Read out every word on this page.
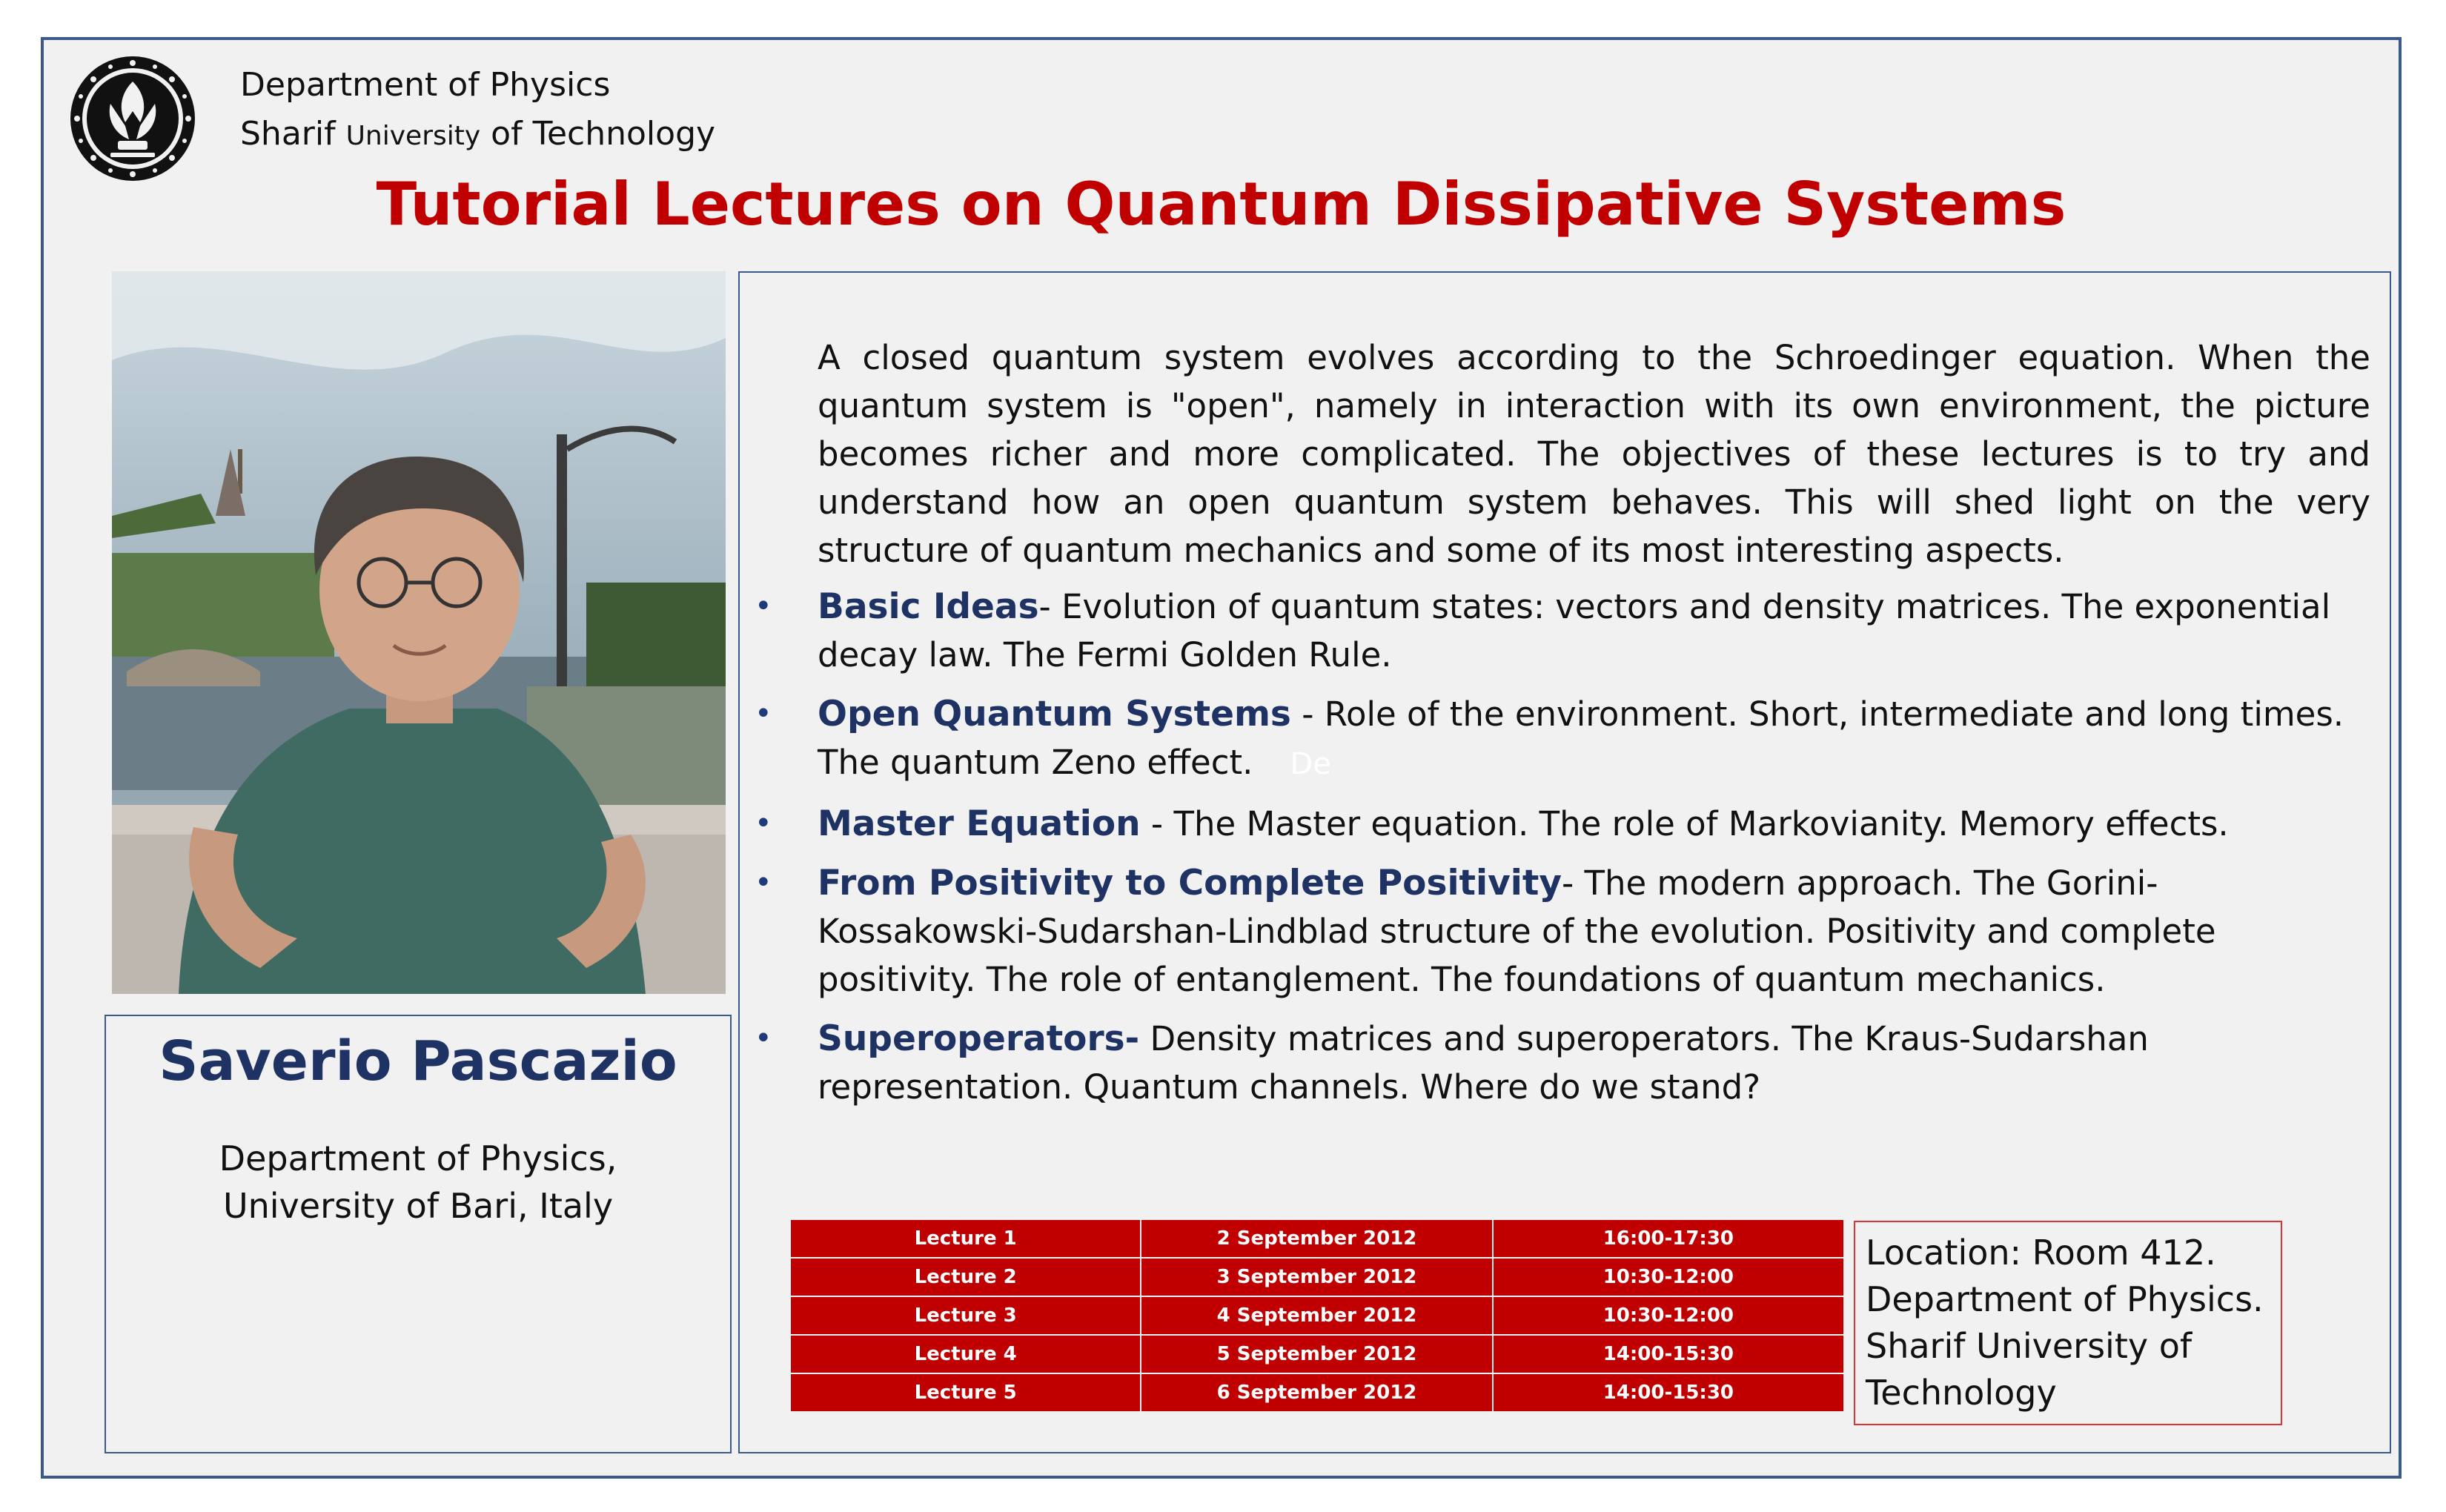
Department of Physics
Sharif University of Technology
Tutorial Lectures on Quantum Dissipative Systems
Saverio Pascazio
Department of Physics,
University of Bari, Italy
A closed quantum system evolves according to the Schroedinger equation. When the quantum system is "open", namely in interaction with its own environment, the picture becomes richer and more complicated. The objectives of these lectures is to try and understand how an open quantum system behaves. This will shed light on the very structure of quantum mechanics and some of its most interesting aspects.
• Basic Ideas- Evolution of quantum states: vectors and density matrices. The exponential decay law. The Fermi Golden Rule.
• Open Quantum Systems - Role of the environment. Short, intermediate and long times. The quantum Zeno effect. De
• Master Equation - The Master equation. The role of Markovianity. Memory effects.
• From Positivity to Complete Positivity- The modern approach. The Gorini-Kossakowski-Sudarshan-Lindblad structure of the evolution. Positivity and complete positivity. The role of entanglement. The foundations of quantum mechanics.
• Superoperators- Density matrices and superoperators. The Kraus-Sudarshan representation. Quantum channels. Where do we stand?
Lecture 1	2 September 2012	16:00-17:30
Lecture 2	3 September 2012	10:30-12:00
Lecture 3	4 September 2012	10:30-12:00
Lecture 4	5 September 2012	14:00-15:30
Lecture 5	6 September 2012	14:00-15:30
Location: Room 412.
Department of Physics.
Sharif University of
Technology
